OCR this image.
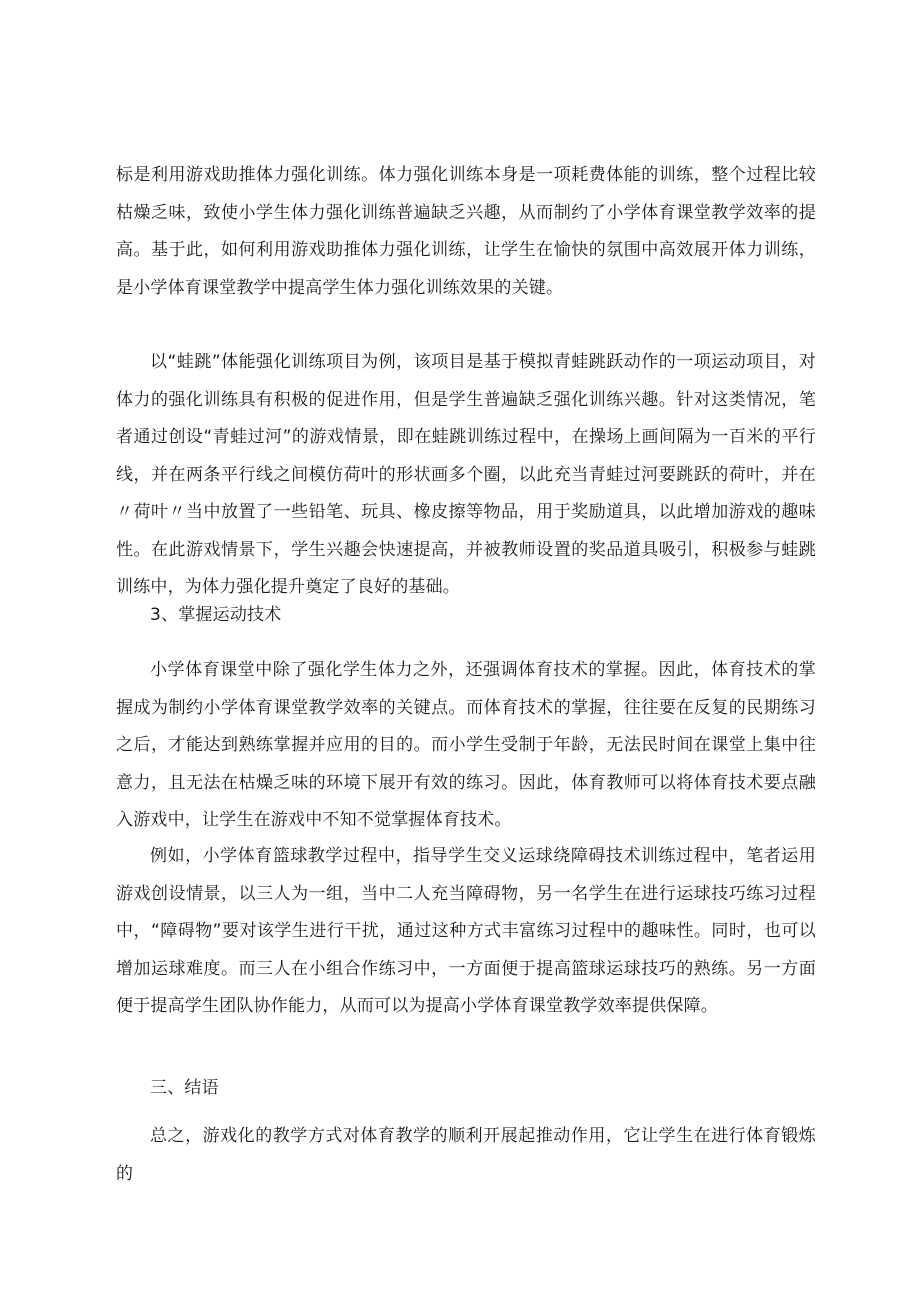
标是利用游戏助推体力强化训练。体力强化训练本身是一项耗费体能的训练，整个过程比较枯燥乏味，致使小学生体力强化训练普遍缺乏兴趣，从而制约了小学体育课堂教学效率的提高。基于此，如何利用游戏助推体力强化训练，让学生在愉快的氛围中高效展开体力训练，是小学体育课堂教学中提高学生体力强化训练效果的关键。

以“蛙跳”体能强化训练项目为例，该项目是基于模拟青蛙跳跃动作的一项运动项目，对体力的强化训练具有积极的促进作用，但是学生普遍缺乏强化训练兴趣。针对这类情况，笔者通过创设“青蛙过河”的游戏情景，即在蛙跳训练过程中，在操场上画间隔为一百米的平行线，并在两条平行线之间模仿荷叶的形状画多个圈，以此充当青蛙过河要跳跃的荷叶，并在〃荷叶〃当中放置了一些铅笔、玩具、橡皮擦等物品，用于奖励道具，以此增加游戏的趣味性。在此游戏情景下，学生兴趣会快速提高，并被教师设置的奖品道具吸引，积极参与蛙跳训练中，为体力强化提升奠定了良好的基础。

3、掌握运动技术

小学体育课堂中除了强化学生体力之外，还强调体育技术的掌握。因此，体育技术的掌握成为制约小学体育课堂教学效率的关键点。而体育技术的掌握，往往要在反复的民期练习之后，才能达到熟练掌握并应用的目的。而小学生受制于年龄，无法民时间在课堂上集中往意力，且无法在枯燥乏味的环境下展开有效的练习。因此，体育教师可以将体育技术要点融入游戏中，让学生在游戏中不知不觉掌握体育技术。

例如，小学体育篮球教学过程中，指导学生交义运球绕障碍技术训练过程中，笔者运用游戏创设情景，以三人为一组，当中二人充当障碍物，另一名学生在进行运球技巧练习过程中，“障碍物”要对该学生进行干扰，通过这种方式丰富练习过程中的趣味性。同时，也可以增加运球难度。而三人在小组合作练习中，一方面便于提高篮球运球技巧的熟练。另一方面便于提高学生团队协作能力，从而可以为提高小学体育课堂教学效率提供保障。

三、结语

总之，游戏化的教学方式对体育教学的顺利开展起推动作用，它让学生在进行体育锻炼的
